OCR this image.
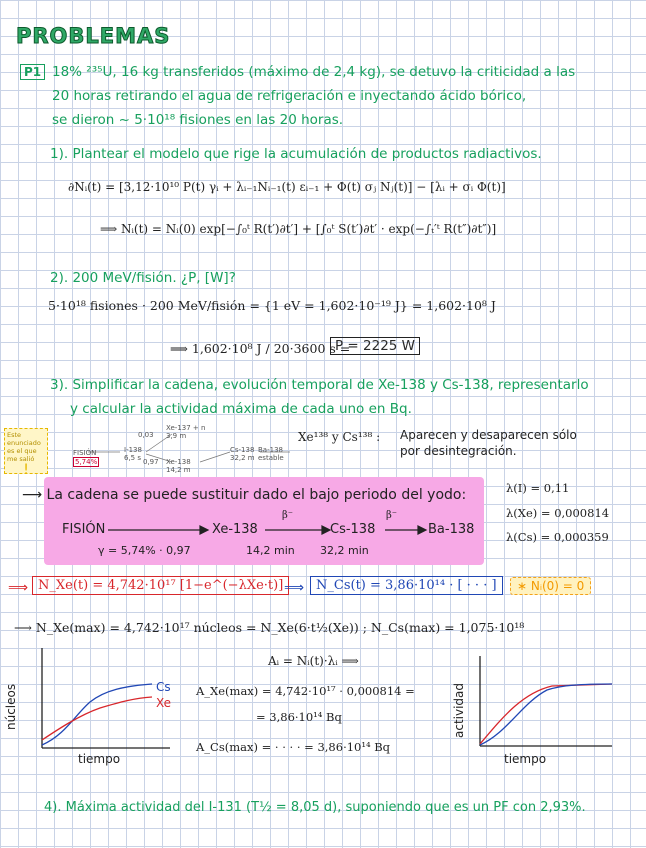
PROBLEMAS
P1 18% ²³⁵U, 16 kg transferidos (máximo de 2,4 kg), se detuvo la criticidad a las
20 horas retirando el agua de refrigeración e inyectando ácido bórico,
se dieron ~ 5·10¹⁸ fisiones en las 20 horas.
1). Plantear el modelo que rige la acumulación de productos radiactivos.
∂Nᵢ(t) = [3,12·10¹⁰ P(t) γᵢ + λᵢ₋₁Nᵢ₋₁(t) εᵢ₋₁ + Φ(t) σⱼ Nⱼ(t)] − [λᵢ + σᵢ Φ(t)]
⟹ Nᵢ(t) = Nᵢ(0) exp[−∫₀ᵗ R(t′)∂t′] + [∫₀ᵗ S(t′)∂t′ · exp(−∫ₜ′ᵗ R(t″)∂t″)]
2). 200 MeV/fisión. ¿P, [W]?
5·10¹⁸ fisiones · 200 MeV/fisión = {1 eV = 1,602·10⁻¹⁹ J} = 1,602·10⁸ J
⟹ 1,602·10⁸ J / 20·3600 s =
P = 2225 W
3). Simplificar la cadena, evolución temporal de Xe-138 y Cs-138, representarlo
y calcular la actividad máxima de cada uno en Bq.
Este enunciado es el que me salió
!
FISIÓN
5,74%
I-138
6,5 s
0,03
0,97
Xe-137 + n
3,9 m
Xe-138
14,2 m
Cs-138
32,2 m
Ba-138
estable
Xe¹³⁸ y Cs¹³⁸ : Aparecen y desaparecen sólo
por desintegración.
⟶ La cadena se puede sustituir dado el bajo periodo del yodo:
FISIÓN	Xe-138	Cs-138	Ba-138
β⁻	β⁻
γ = 5,74% · 0,97	14,2 min 32,2 min
λ(I) = 0,11
λ(Xe) = 0,000814
λ(Cs) = 0,000359
⟹ N_Xe(t) = 4,742·10¹⁷ [1−e^(−λXe·t)] ⟹ N_Cs(t) = 3,86·10¹⁴ · [ · · · ]	∗ Nᵢ(0) = 0
⟶ N_Xe(max) = 4,742·10¹⁷ núcleos = N_Xe(6·t½(Xe)) ; N_Cs(max) = 1,075·10¹⁸
Cs
Xe
núcleos
tiempo
Aᵢ = Nᵢ(t)·λᵢ ⟹
A_Xe(max) = 4,742·10¹⁷ · 0,000814 =
= 3,86·10¹⁴ Bq
A_Cs(max) = · · · · = 3,86·10¹⁴ Bq
actividad
tiempo
4). Máxima actividad del I-131 (T½ = 8,05 d), suponiendo que es un PF con 2,93%.
